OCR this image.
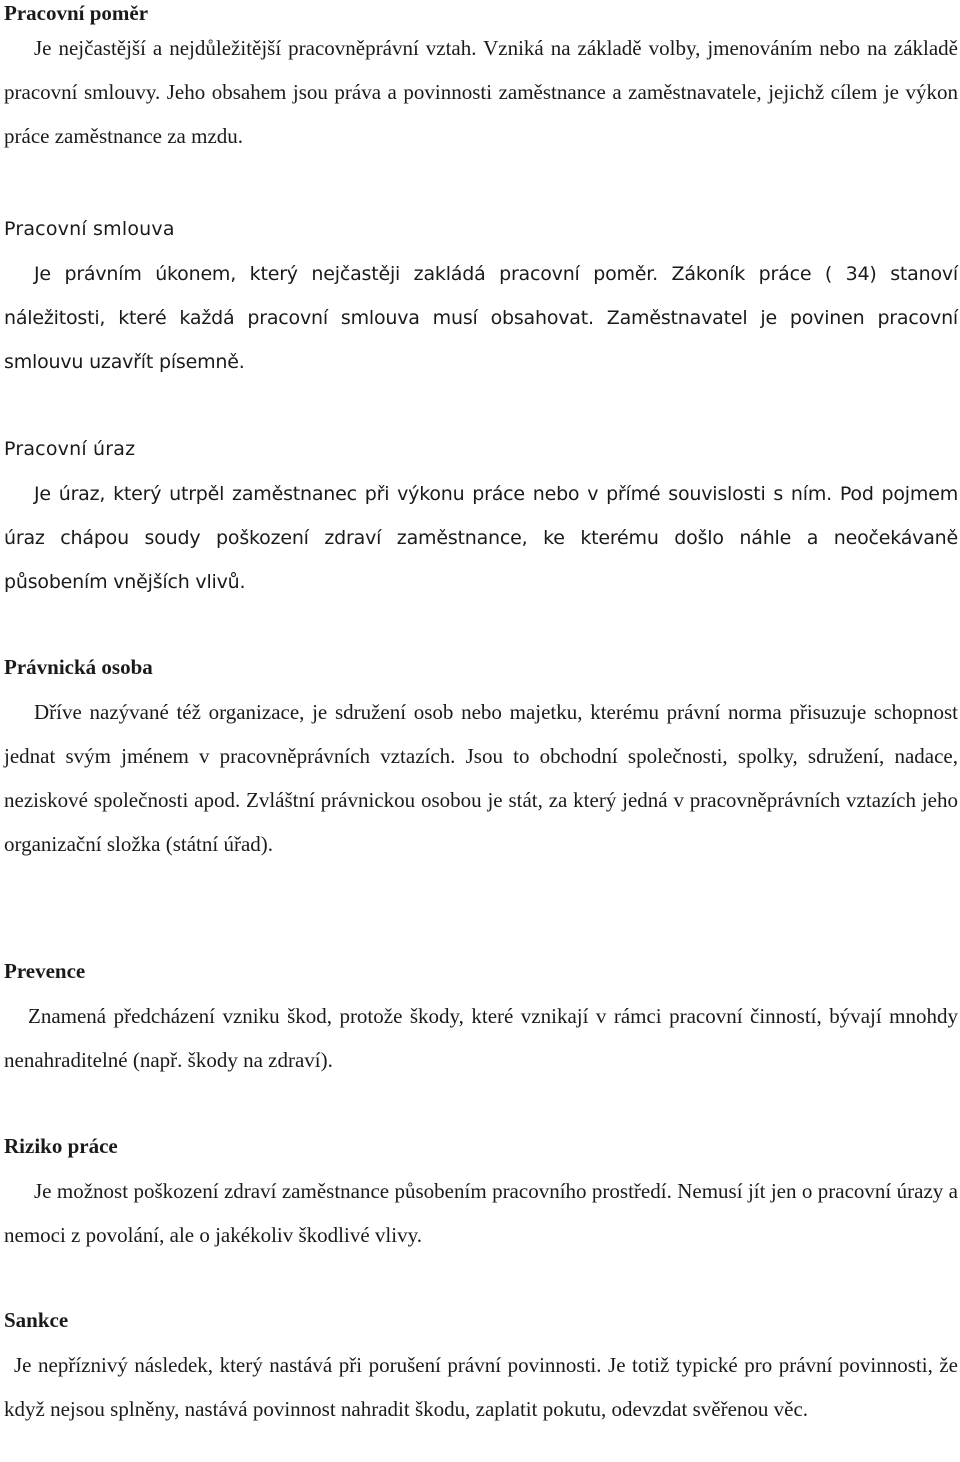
Pracovní poměr

Je nejčastější a nejdůležitější pracovněprávní vztah. Vzniká na základě volby, jmenováním nebo na základě pracovní smlouvy. Jeho obsahem jsou práva a povinnosti zaměstnance a zaměstnavatele, jejichž cílem je výkon práce zaměstnance za mzdu.

Pracovní smlouva

Je právním úkonem, který nejčastěji zakládá pracovní poměr. Zákoník práce ( 34) stanoví náležitosti, které každá pracovní smlouva musí obsahovat. Zaměstnavatel je povinen pracovní smlouvu uzavřít písemně.

Pracovní úraz

Je úraz, který utrpěl zaměstnanec při výkonu práce nebo v přímé souvislosti s ním. Pod pojmem úraz chápou soudy poškození zdraví zaměstnance, ke kterému došlo náhle a neočekávaně působením vnějších vlivů.

Právnická osoba

Dříve nazývané též organizace, je sdružení osob nebo majetku, kterému právní norma přisuzuje schopnost jednat svým jménem v pracovněprávních vztazích. Jsou to obchodní společnosti, spolky, sdružení, nadace, neziskové společnosti apod. Zvláštní právnickou osobou je stát, za který jedná v pracovněprávních vztazích jeho organizační složka (státní úřad).

Prevence

Znamená předcházení vzniku škod, protože škody, které vznikají v rámci pracovní činností, bývají mnohdy nenahraditelné (např. škody na zdraví).

Riziko práce

Je možnost poškození zdraví zaměstnance působením pracovního prostředí. Nemusí jít jen o pracovní úrazy a nemoci z povolání, ale o jakékoliv škodlivé vlivy.

Sankce

Je nepříznivý následek, který nastává při porušení právní povinnosti. Je totiž typické pro právní povinnosti, že když nejsou splněny, nastává povinnost nahradit škodu, zaplatit pokutu, odevzdat svěřenou věc.
